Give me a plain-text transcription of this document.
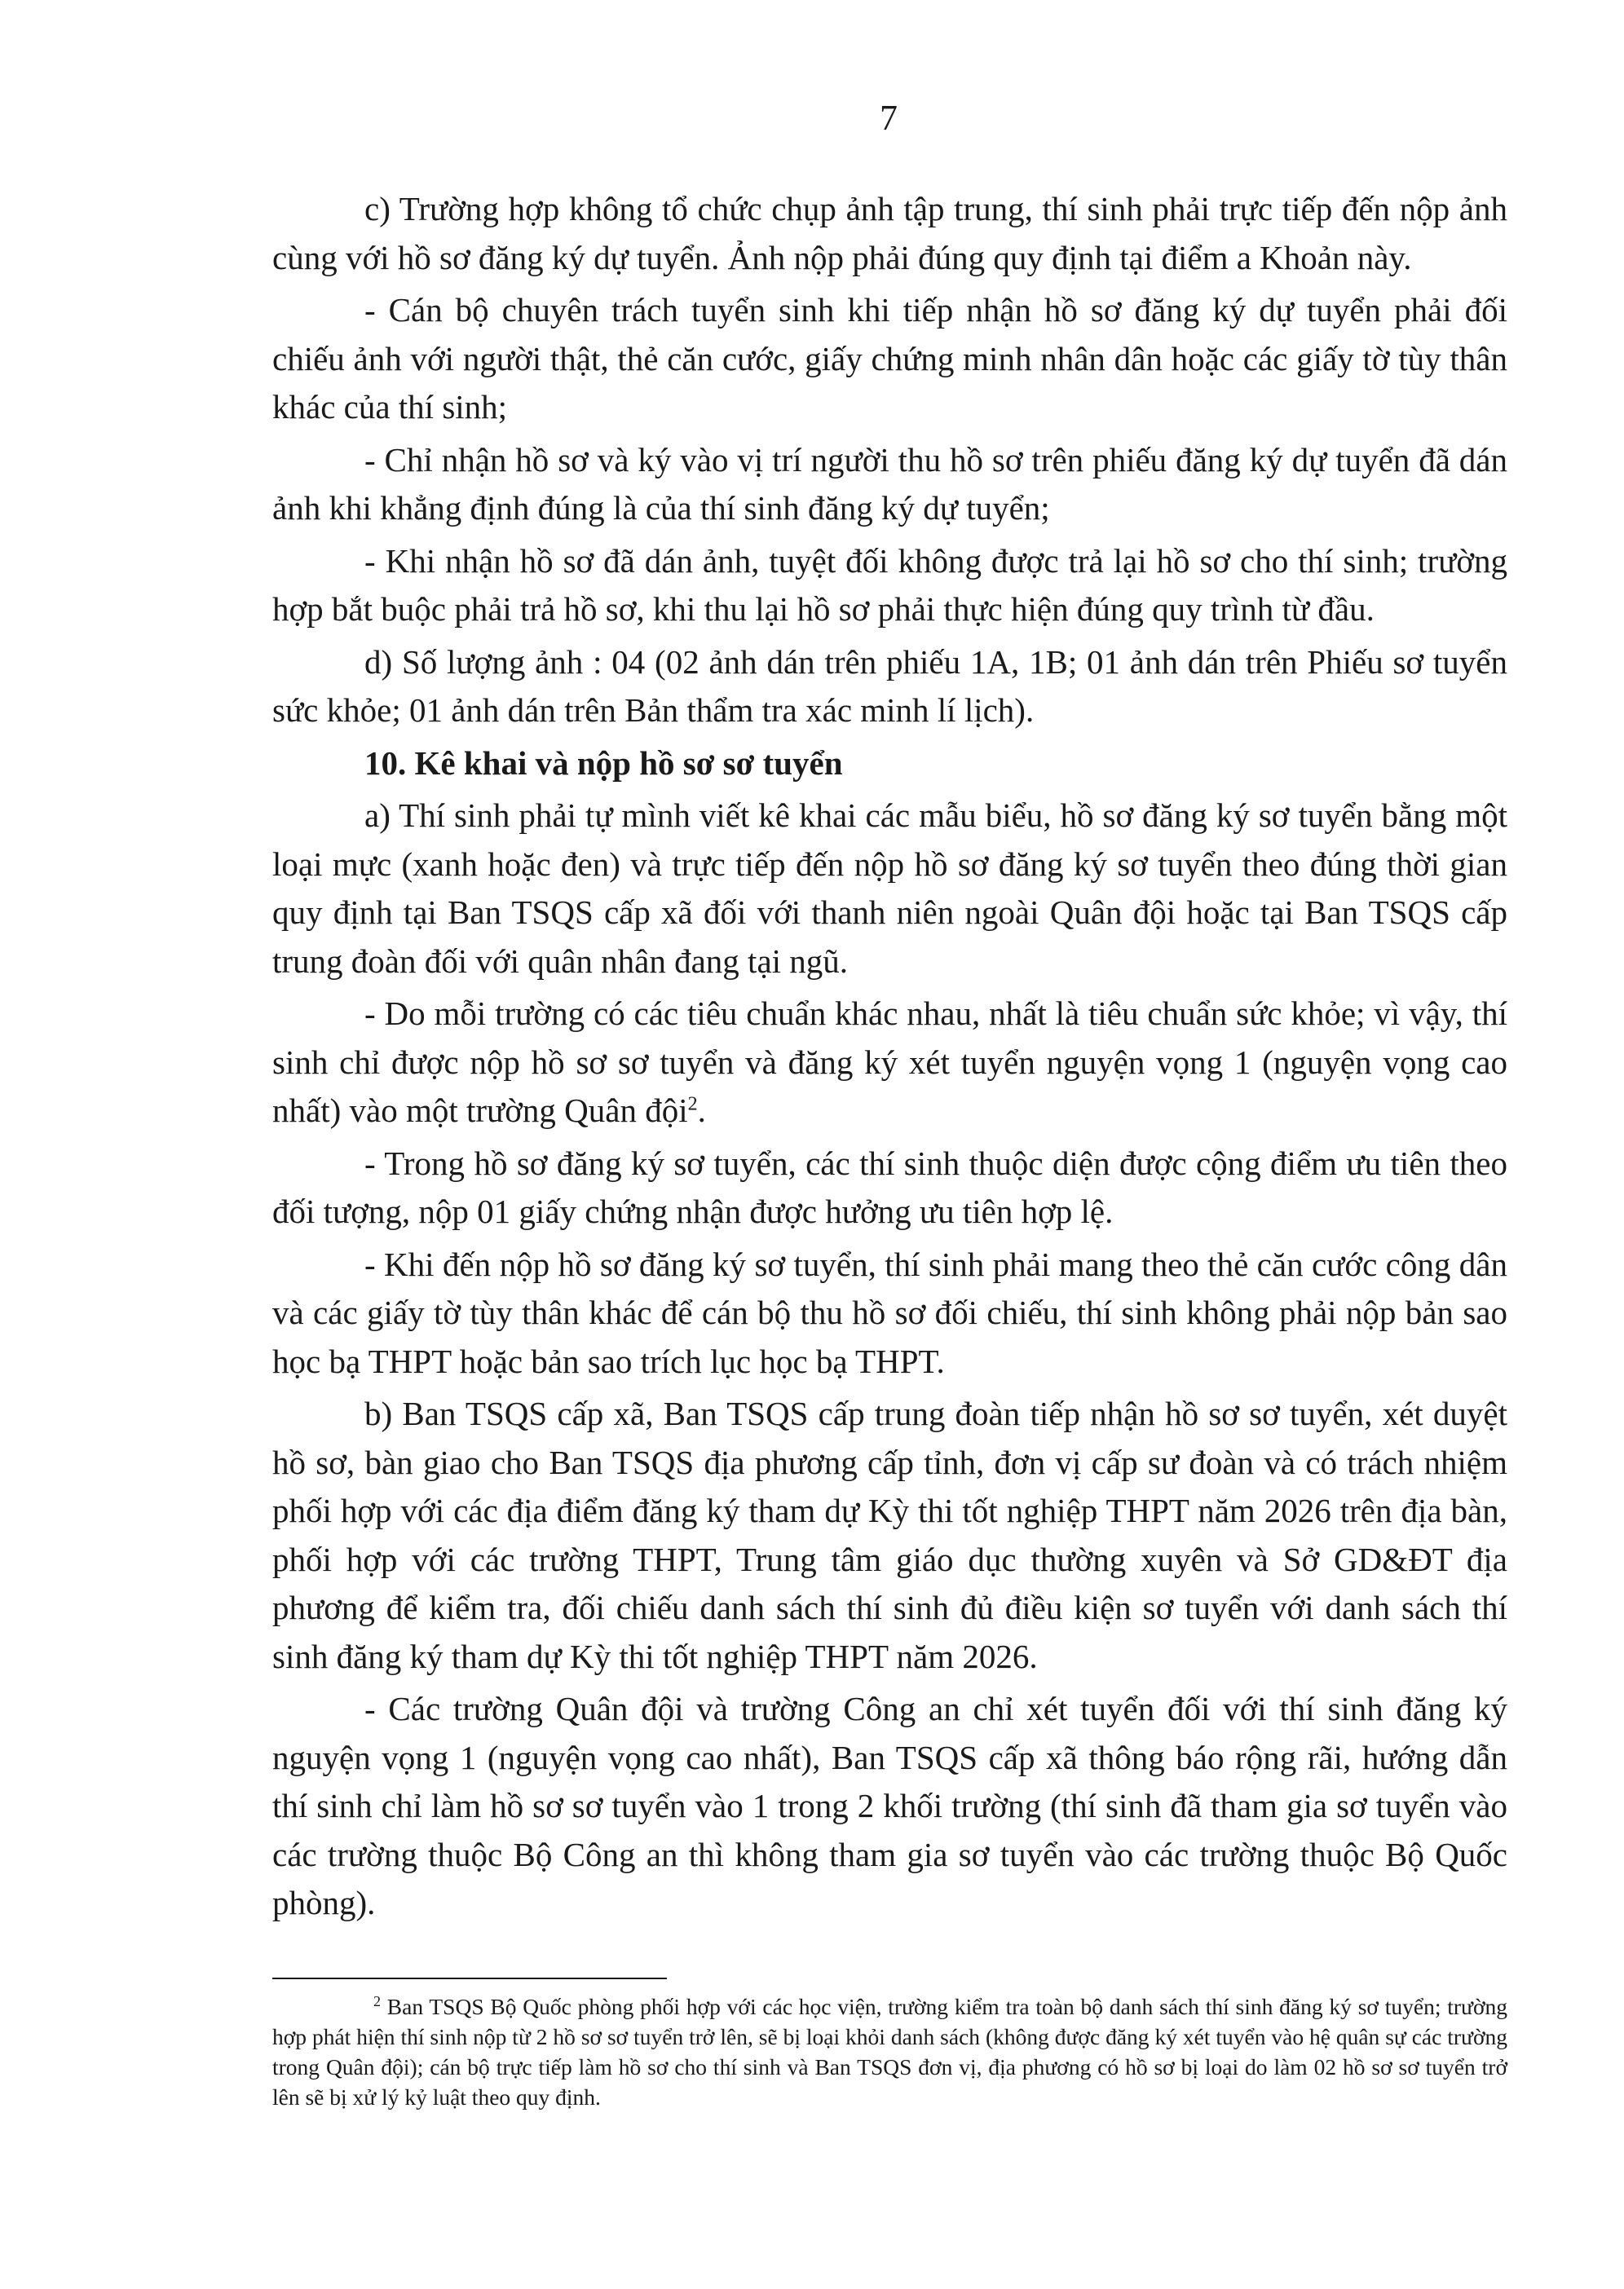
7

c) Trường hợp không tổ chức chụp ảnh tập trung, thí sinh phải trực tiếp đến nộp ảnh cùng với hồ sơ đăng ký dự tuyển. Ảnh nộp phải đúng quy định tại điểm a Khoản này.

- Cán bộ chuyên trách tuyển sinh khi tiếp nhận hồ sơ đăng ký dự tuyển phải đối chiếu ảnh với người thật, thẻ căn cước, giấy chứng minh nhân dân hoặc các giấy tờ tùy thân khác của thí sinh;

- Chỉ nhận hồ sơ và ký vào vị trí người thu hồ sơ trên phiếu đăng ký dự tuyển đã dán ảnh khi khẳng định đúng là của thí sinh đăng ký dự tuyển;

- Khi nhận hồ sơ đã dán ảnh, tuyệt đối không được trả lại hồ sơ cho thí sinh; trường hợp bắt buộc phải trả hồ sơ, khi thu lại hồ sơ phải thực hiện đúng quy trình từ đầu.

d) Số lượng ảnh : 04 (02 ảnh dán trên phiếu 1A, 1B; 01 ảnh dán trên Phiếu sơ tuyển sức khỏe; 01 ảnh dán trên Bản thẩm tra xác minh lí lịch).

10. Kê khai và nộp hồ sơ sơ tuyển

a) Thí sinh phải tự mình viết kê khai các mẫu biểu, hồ sơ đăng ký sơ tuyển bằng một loại mực (xanh hoặc đen) và trực tiếp đến nộp hồ sơ đăng ký sơ tuyển theo đúng thời gian quy định tại Ban TSQS cấp xã đối với thanh niên ngoài Quân đội hoặc tại Ban TSQS cấp trung đoàn đối với quân nhân đang tại ngũ.

- Do mỗi trường có các tiêu chuẩn khác nhau, nhất là tiêu chuẩn sức khỏe; vì vậy, thí sinh chỉ được nộp hồ sơ sơ tuyển và đăng ký xét tuyển nguyện vọng 1 (nguyện vọng cao nhất) vào một trường Quân đội$^2$.

- Trong hồ sơ đăng ký sơ tuyển, các thí sinh thuộc diện được cộng điểm ưu tiên theo đối tượng, nộp 01 giấy chứng nhận được hưởng ưu tiên hợp lệ.

- Khi đến nộp hồ sơ đăng ký sơ tuyển, thí sinh phải mang theo thẻ căn cước công dân và các giấy tờ tùy thân khác để cán bộ thu hồ sơ đối chiếu, thí sinh không phải nộp bản sao học bạ THPT hoặc bản sao trích lục học bạ THPT.

b) Ban TSQS cấp xã, Ban TSQS cấp trung đoàn tiếp nhận hồ sơ sơ tuyển, xét duyệt hồ sơ, bàn giao cho Ban TSQS địa phương cấp tỉnh, đơn vị cấp sư đoàn và có trách nhiệm phối hợp với các địa điểm đăng ký tham dự Kỳ thi tốt nghiệp THPT năm 2026 trên địa bàn, phối hợp với các trường THPT, Trung tâm giáo dục thường xuyên và Sở GD&ĐT địa phương để kiểm tra, đối chiếu danh sách thí sinh đủ điều kiện sơ tuyển với danh sách thí sinh đăng ký tham dự Kỳ thi tốt nghiệp THPT năm 2026.

- Các trường Quân đội và trường Công an chỉ xét tuyển đối với thí sinh đăng ký nguyện vọng 1 (nguyện vọng cao nhất), Ban TSQS cấp xã thông báo rộng rãi, hướng dẫn thí sinh chỉ làm hồ sơ sơ tuyển vào 1 trong 2 khối trường (thí sinh đã tham gia sơ tuyển vào các trường thuộc Bộ Công an thì không tham gia sơ tuyển vào các trường thuộc Bộ Quốc phòng).

$^2$ Ban TSQS Bộ Quốc phòng phối hợp với các học viện, trường kiểm tra toàn bộ danh sách thí sinh đăng ký sơ tuyển; trường hợp phát hiện thí sinh nộp từ 2 hồ sơ sơ tuyển trở lên, sẽ bị loại khỏi danh sách (không được đăng ký xét tuyển vào hệ quân sự các trường trong Quân đội); cán bộ trực tiếp làm hồ sơ cho thí sinh và Ban TSQS đơn vị, địa phương có hồ sơ bị loại do làm 02 hồ sơ sơ tuyển trở lên sẽ bị xử lý kỷ luật theo quy định.
